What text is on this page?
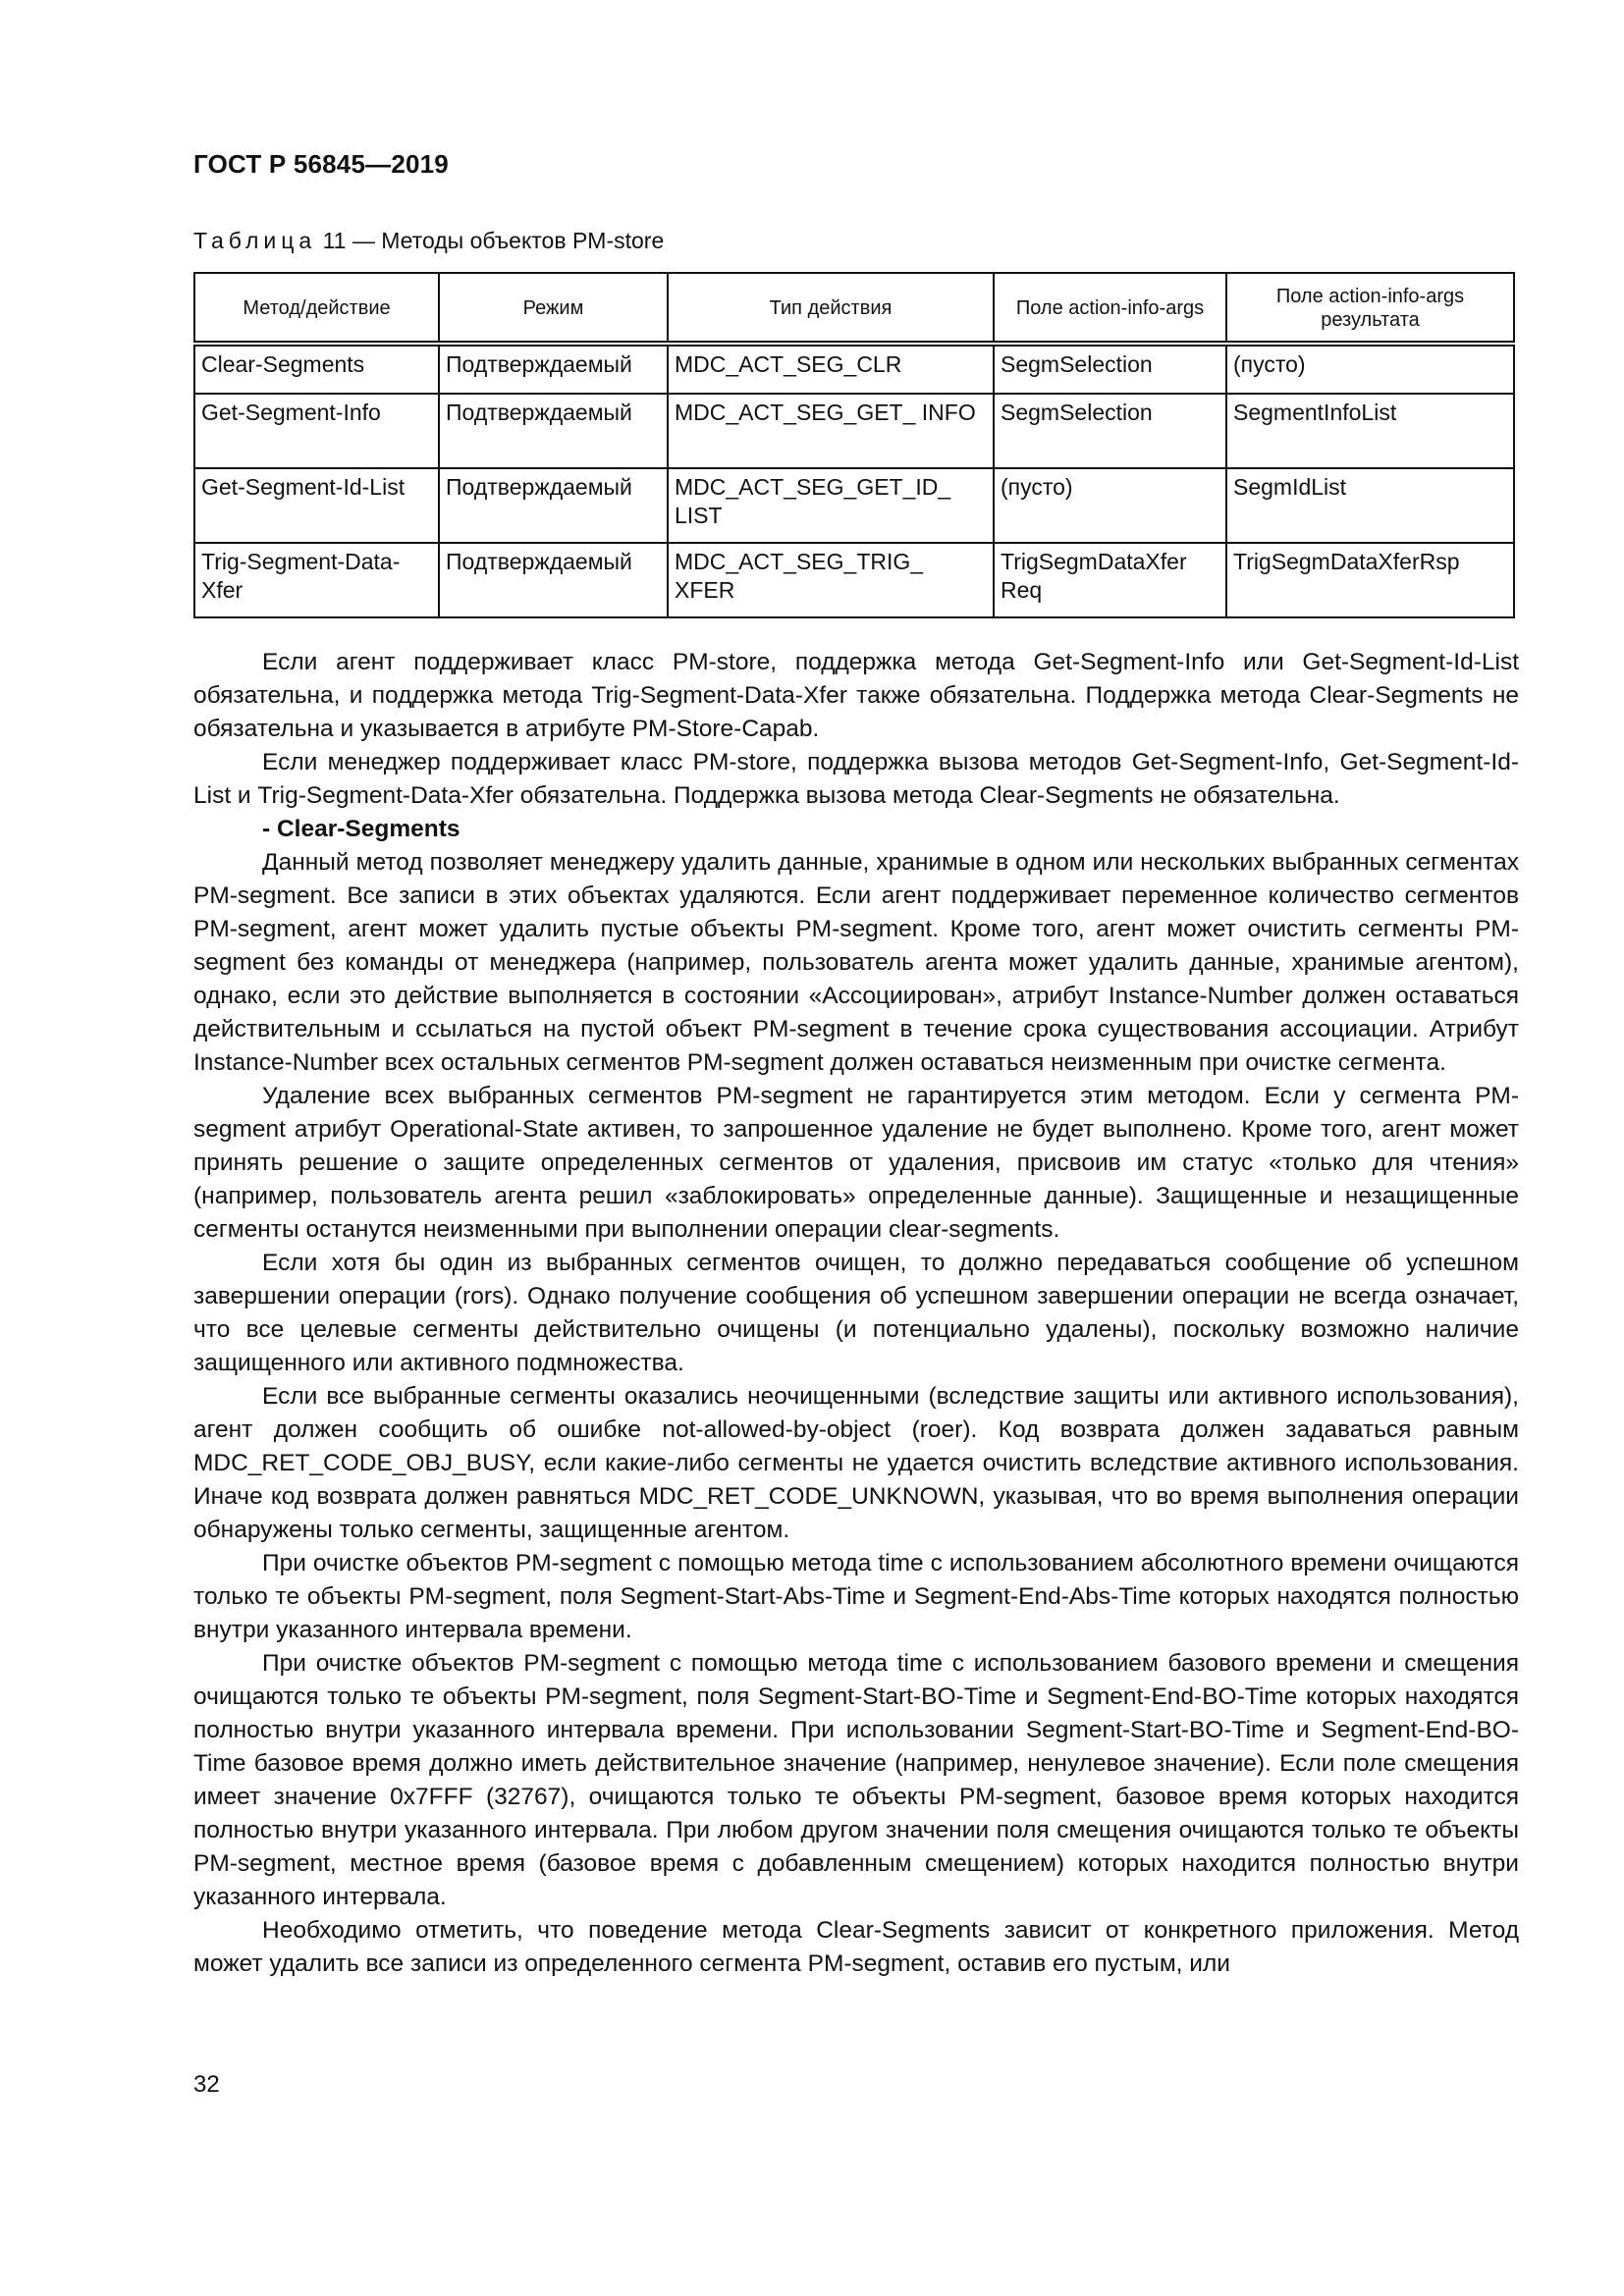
ГОСТ Р 56845—2019
Таблица 11 — Методы объектов PM-store
Метод/действие	Режим	Тип действия	Поле action-info-args	Поле action-info-args результата
Clear-Segments	Подтверждаемый	MDC_ACT_SEG_CLR	SegmSelection	(пусто)
Get-Segment-Info	Подтверждаемый	MDC_ACT_SEG_GET_ INFO	SegmSelection	SegmentInfoList
Get-Segment-Id-List	Подтверждаемый	MDC_ACT_SEG_GET_ID_ LIST	(пусто)	SegmIdList
Trig-Segment-Data-Xfer	Подтверждаемый	MDC_ACT_SEG_TRIG_ XFER	TrigSegmDataXfer Req	TrigSegmDataXferRsp

Если агент поддерживает класс PM-store, поддержка метода Get-Segment-Info или Get-Segment-Id-List обязательна, и поддержка метода Trig-Segment-Data-Xfer также обязательна. Поддержка метода Clear-Segments не обязательна и указывается в атрибуте PM-Store-Capab.

Если менеджер поддерживает класс PM-store, поддержка вызова методов Get-Segment-Info, Get-Segment-Id-List и Trig-Segment-Data-Xfer обязательна. Поддержка вызова метода Clear-Segments не обязательна.

- Clear-Segments

Данный метод позволяет менеджеру удалить данные, хранимые в одном или нескольких выбранных сегментах PM-segment. Все записи в этих объектах удаляются. Если агент поддерживает переменное количество сегментов PM-segment, агент может удалить пустые объекты PM-segment. Кроме того, агент может очистить сегменты PM-segment без команды от менеджера (например, пользователь агента может удалить данные, хранимые агентом), однако, если это действие выполняется в состоянии «Ассоциирован», атрибут Instance-Number должен оставаться действительным и ссылаться на пустой объект PM-segment в течение срока существования ассоциации. Атрибут Instance-Number всех остальных сегментов PM-segment должен оставаться неизменным при очистке сегмента.

Удаление всех выбранных сегментов PM-segment не гарантируется этим методом. Если у сегмента PM-segment атрибут Operational-State активен, то запрошенное удаление не будет выполнено. Кроме того, агент может принять решение о защите определенных сегментов от удаления, присвоив им статус «только для чтения» (например, пользователь агента решил «заблокировать» определенные данные). Защищенные и незащищенные сегменты останутся неизменными при выполнении операции clear-segments.

Если хотя бы один из выбранных сегментов очищен, то должно передаваться сообщение об успешном завершении операции (rors). Однако получение сообщения об успешном завершении операции не всегда означает, что все целевые сегменты действительно очищены (и потенциально удалены), поскольку возможно наличие защищенного или активного подмножества.

Если все выбранные сегменты оказались неочищенными (вследствие защиты или активного использования), агент должен сообщить об ошибке not-allowed-by-object (roer). Код возврата должен задаваться равным MDC_RET_CODE_OBJ_BUSY, если какие-либо сегменты не удается очистить вследствие активного использования. Иначе код возврата должен равняться MDC_RET_CODE_UNKNOWN, указывая, что во время выполнения операции обнаружены только сегменты, защищенные агентом.

При очистке объектов PM-segment с помощью метода time с использованием абсолютного времени очищаются только те объекты PM-segment, поля Segment-Start-Abs-Time и Segment-End-Abs-Time которых находятся полностью внутри указанного интервала времени.

При очистке объектов PM-segment с помощью метода time с использованием базового времени и смещения очищаются только те объекты PM-segment, поля Segment-Start-BO-Time и Segment-End-BO-Time которых находятся полностью внутри указанного интервала времени. При использовании Segment-Start-BO-Time и Segment-End-BO-Time базовое время должно иметь действительное значение (например, ненулевое значение). Если поле смещения имеет значение 0x7FFF (32767), очищаются только те объекты PM-segment, базовое время которых находится полностью внутри указанного интервала. При любом другом значении поля смещения очищаются только те объекты PM-segment, местное время (базовое время с добавленным смещением) которых находится полностью внутри указанного интервала.

Необходимо отметить, что поведение метода Clear-Segments зависит от конкретного приложения. Метод может удалить все записи из определенного сегмента PM-segment, оставив его пустым, или

32
